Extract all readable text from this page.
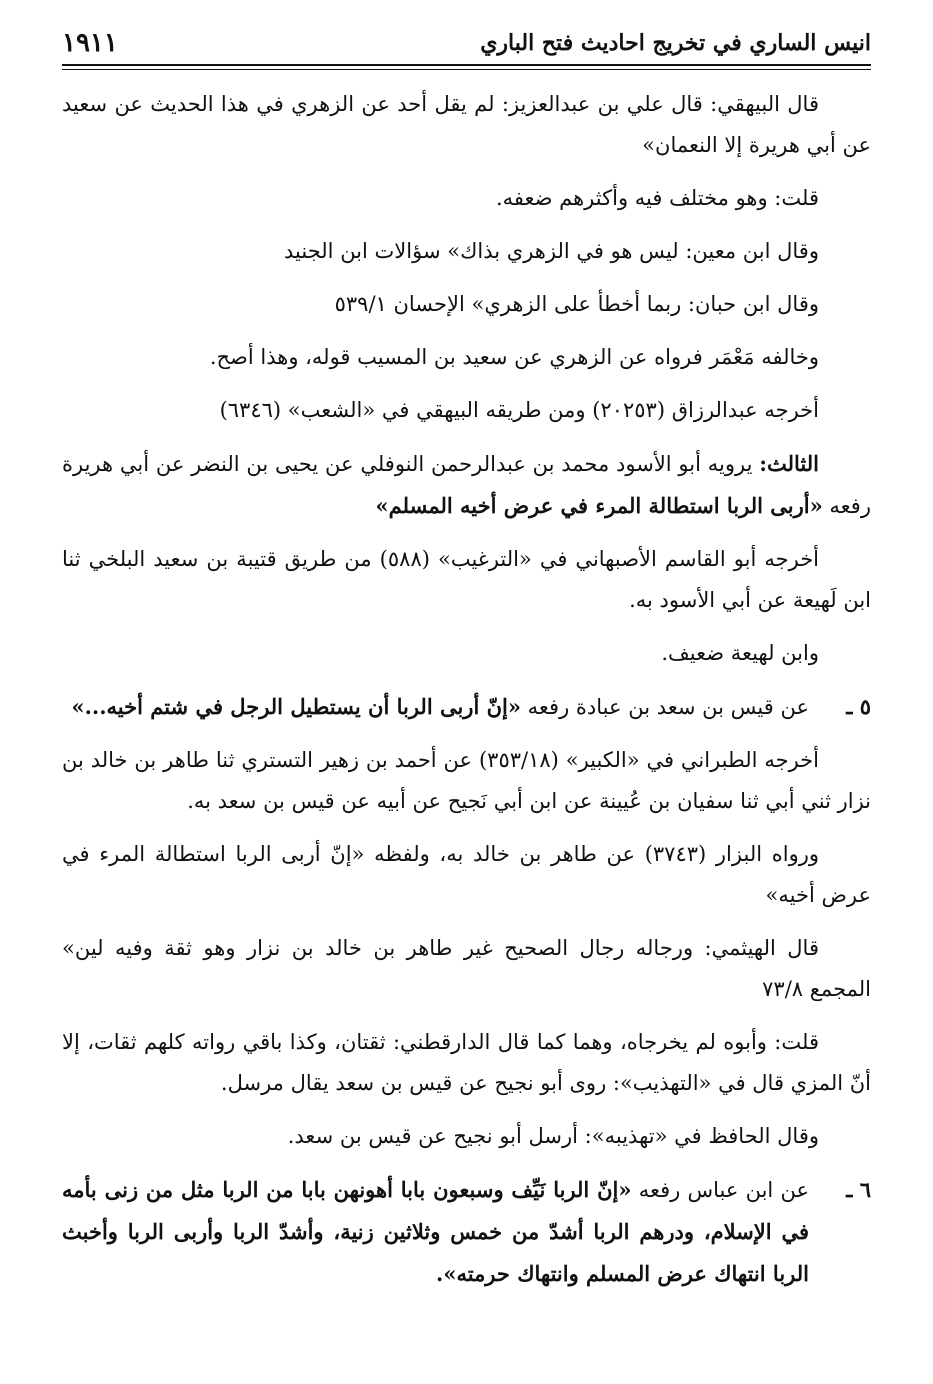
انيس الساري في تخريج احاديث فتح الباري
١٩١١

قال البيهقي: قال علي بن عبدالعزيز: لم يقل أحد عن الزهري في هذا الحديث عن سعيد عن أبي هريرة إلا النعمان»

قلت: وهو مختلف فيه وأكثرهم ضعفه.

وقال ابن معين: ليس هو في الزهري بذاك» سؤالات ابن الجنيد

وقال ابن حبان: ربما أخطأ على الزهري» الإحسان ٥٣٩/١

وخالفه مَعْمَر فرواه عن الزهري عن سعيد بن المسيب قوله، وهذا أصح.

أخرجه عبدالرزاق (٢٠٢٥٣) ومن طريقه البيهقي في «الشعب» (٦٣٤٦)

الثالث: يرويه أبو الأسود محمد بن عبدالرحمن النوفلي عن يحيى بن النضر عن أبي هريرة رفعه «أربى الربا استطالة المرء في عرض أخيه المسلم»

أخرجه أبو القاسم الأصبهاني في «الترغيب» (٥٨٨) من طريق قتيبة بن سعيد البلخي ثنا ابن لَهيعة عن أبي الأسود به.

وابن لهيعة ضعيف.

٥ ـ
عن قيس بن سعد بن عبادة رفعه «إنّ أربى الربا أن يستطيل الرجل في شتم أخيه...»

أخرجه الطبراني في «الكبير» (٣٥٣/١٨) عن أحمد بن زهير التستري ثنا طاهر بن خالد بن نزار ثني أبي ثنا سفيان بن عُيينة عن ابن أبي نَجيح عن أبيه عن قيس بن سعد به.

ورواه البزار (٣٧٤٣) عن طاهر بن خالد به، ولفظه «إنّ أربى الربا استطالة المرء في عرض أخيه»

قال الهيثمي: ورجاله رجال الصحيح غير طاهر بن خالد بن نزار وهو ثقة وفيه لين» المجمع ٧٣/٨

قلت: وأبوه لم يخرجاه، وهما كما قال الدارقطني: ثقتان، وكذا باقي رواته كلهم ثقات، إلا أنّ المزي قال في «التهذيب»: روى أبو نجيح عن قيس بن سعد يقال مرسل.

وقال الحافظ في «تهذيبه»: أرسل أبو نجيح عن قيس بن سعد.

٦ ـ
عن ابن عباس رفعه «إنّ الربا نَيِّف وسبعون بابا أهونهن بابا من الربا مثل من زنى بأمه في الإسلام، ودرهم الربا أشدّ من خمس وثلاثين زنية، وأشدّ الربا وأربى الربا وأخبث الربا انتهاك عرض المسلم وانتهاك حرمته».
